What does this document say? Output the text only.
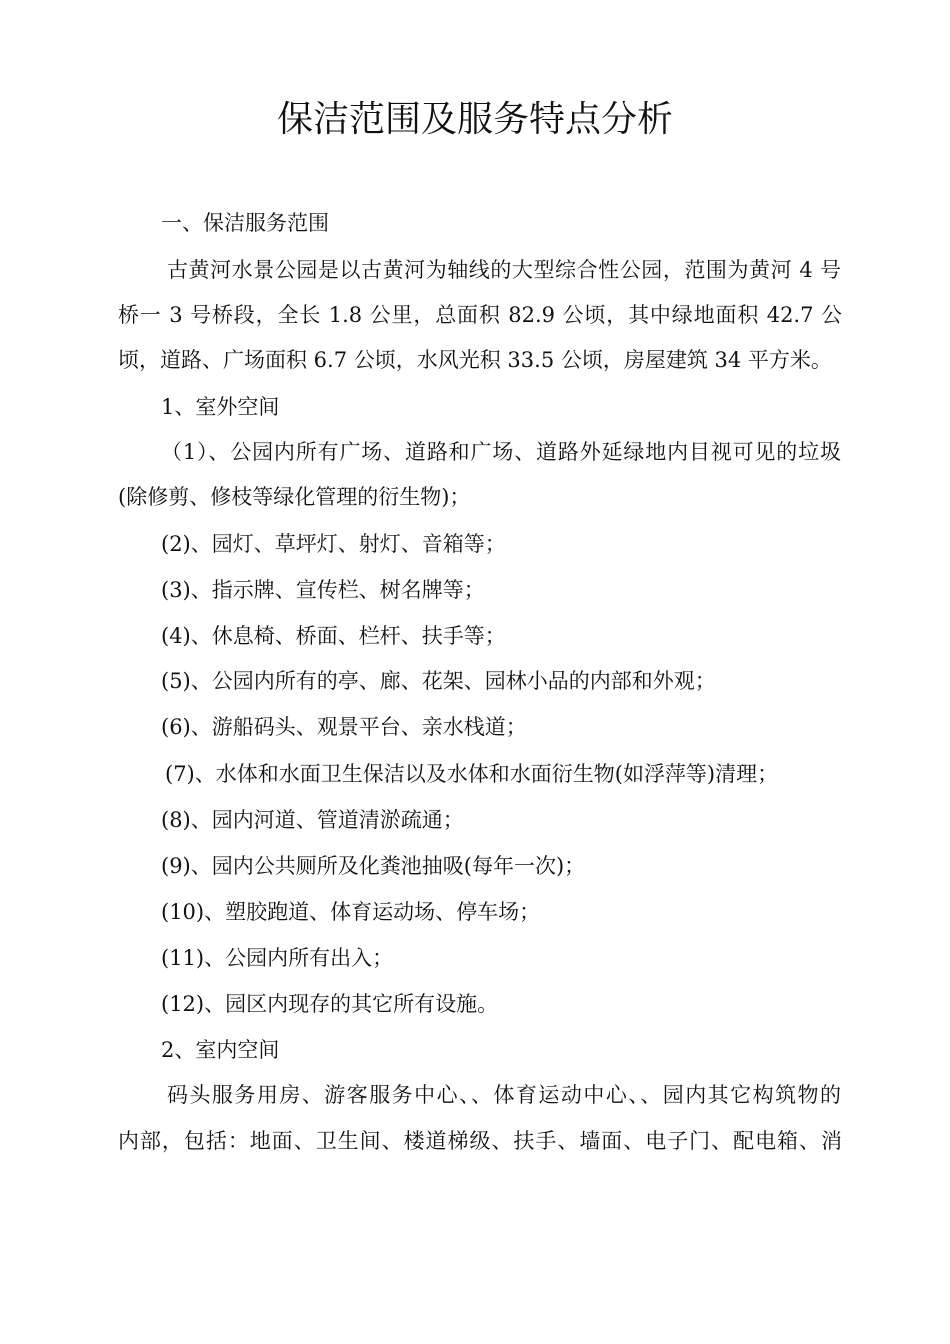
保洁范围及服务特点分析
一、保洁服务范围
古黄河水景公园是以古黄河为轴线的大型综合性公园，范围为黄河 4 号
桥一 3 号桥段，全长 1.8 公里，总面积 82.9 公顷，其中绿地面积 42.7 公
顷，道路、广场面积 6.7 公顷，水风光积 33.5 公顷，房屋建筑 34 平方米。
1、室外空间
（1）、公园内所有广场、道路和广场、道路外延绿地内目视可见的垃圾
(除修剪、修枝等绿化管理的衍生物)；
(2)、园灯、草坪灯、射灯、音箱等；
(3)、指示牌、宣传栏、树名牌等；
(4)、休息椅、桥面、栏杆、扶手等；
(5)、公园内所有的亭、廊、花架、园林小品的内部和外观；
(6)、游船码头、观景平台、亲水栈道；
(7)、水体和水面卫生保洁以及水体和水面衍生物(如浮萍等)清理；
(8)、园内河道、管道清淤疏通；
(9)、园内公共厕所及化粪池抽吸(每年一次)；
(10)、塑胶跑道、体育运动场、停车场；
(11)、公园内所有出入；
(12)、园区内现存的其它所有设施。
2、室内空间
码头服务用房、游客服务中心、、体育运动中心、、园内其它构筑物的
内部，包括：地面、卫生间、楼道梯级、扶手、墙面、电子门、配电箱、消
